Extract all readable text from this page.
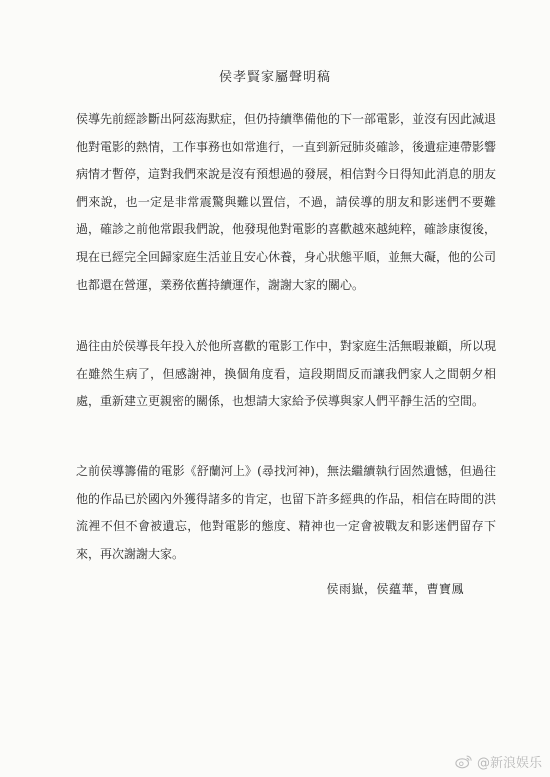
侯孝賢家屬聲明稿
侯導先前經診斷出阿茲海默症，但仍持續準備他的下一部電影，並沒有因此減退他對電影的熱情，工作事務也如常進行，一直到新冠肺炎確診，後遺症連帶影響病情才暫停，這對我們來說是沒有預想過的發展，相信對今日得知此消息的朋友們來說，也一定是非常震驚與難以置信，不過，請侯導的朋友和影迷們不要難過，確診之前他常跟我們說，他發現他對電影的喜歡越來越純粹，確診康復後，現在已經完全回歸家庭生活並且安心休養，身心狀態平順，並無大礙，他的公司也都還在營運，業務依舊持續運作，謝謝大家的關心。
過往由於侯導長年投入於他所喜歡的電影工作中，對家庭生活無暇兼顧，所以現在雖然生病了，但感謝神，換個角度看，這段期間反而讓我們家人之間朝夕相處，重新建立更親密的關係，也想請大家給予侯導與家人們平靜生活的空間。
之前侯導籌備的電影《舒蘭河上》(尋找河神)，無法繼續執行固然遺憾，但過往他的作品已於國內外獲得諸多的肯定，也留下許多經典的作品，相信在時間的洪流裡不但不會被遺忘，他對電影的態度、精神也一定會被戰友和影迷們留存下來，再次謝謝大家。
侯雨嶽，侯蘊華，曹寶鳳
@新浪娱乐
